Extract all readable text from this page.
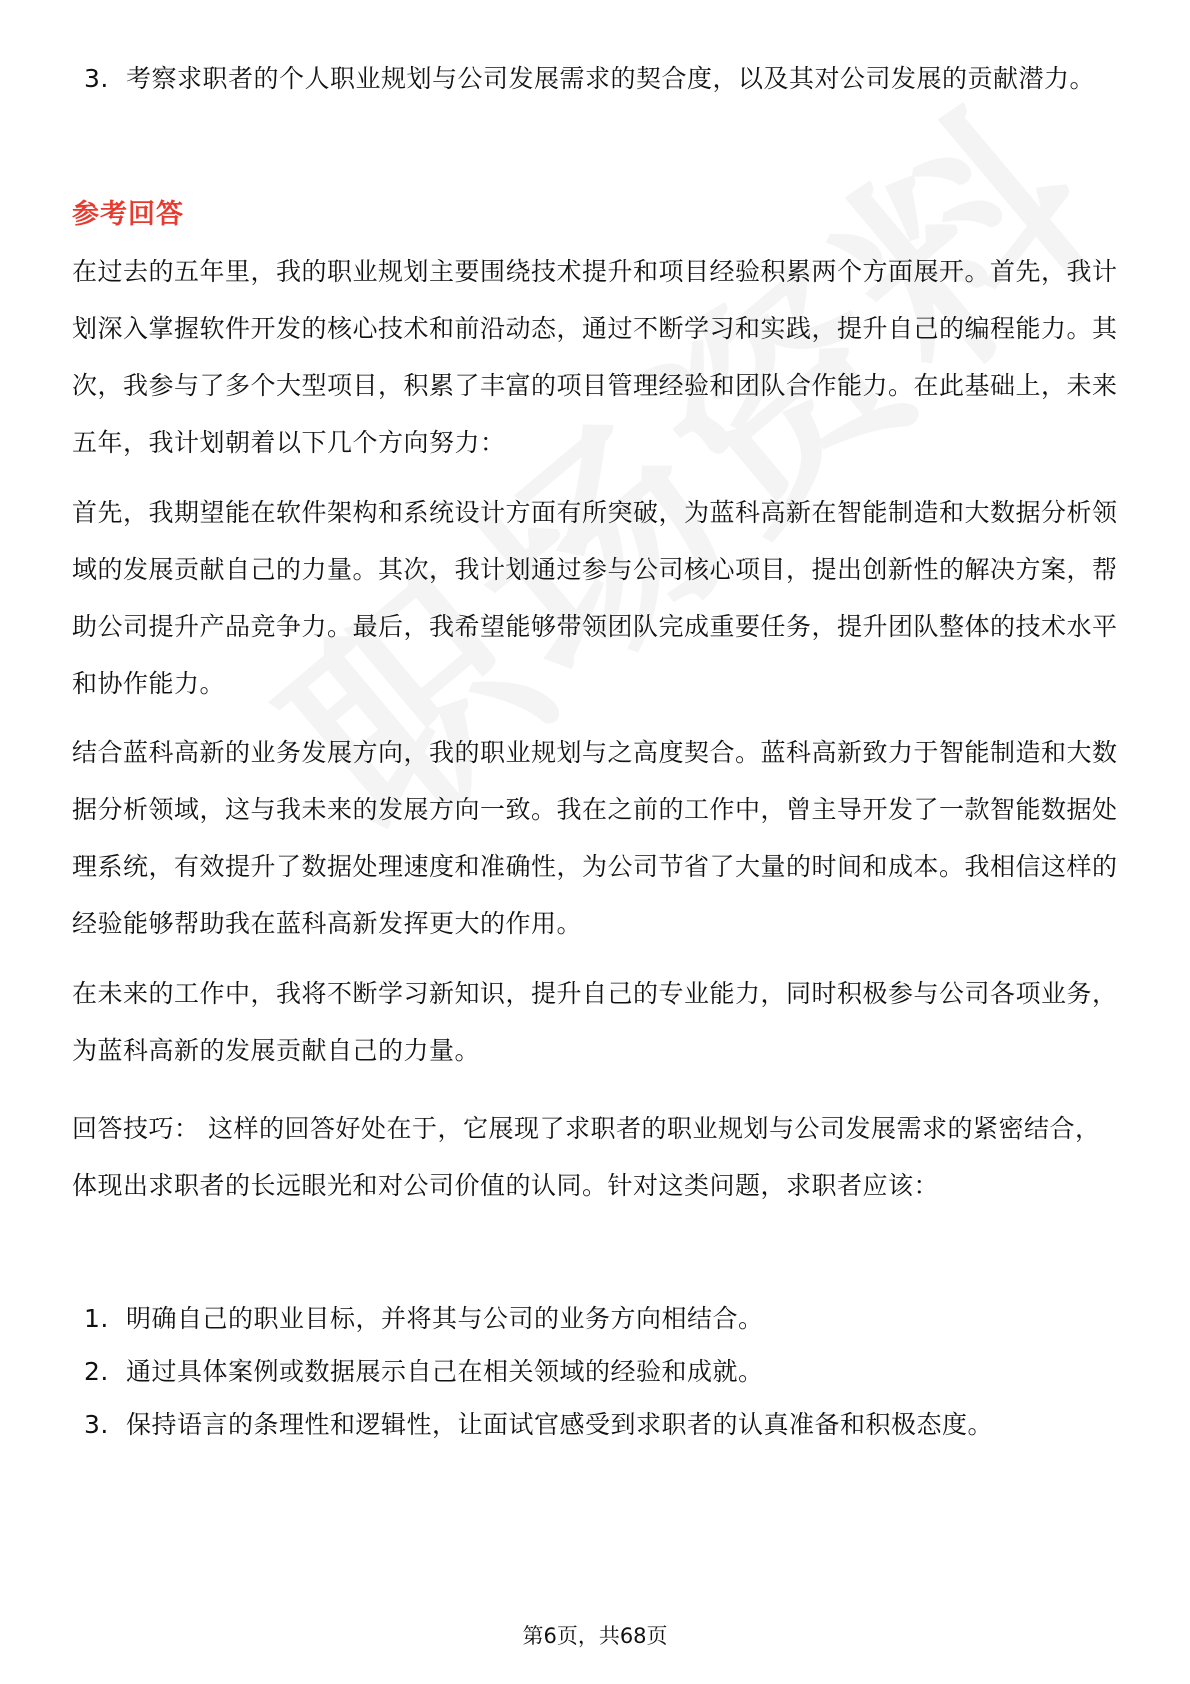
3. 考察求职者的个人职业规划与公司发展需求的契合度，以及其对公司发展的贡献潜力。
参考回答
在过去的五年里，我的职业规划主要围绕技术提升和项目经验积累两个方面展开。首先，我计划深入掌握软件开发的核心技术和前沿动态，通过不断学习和实践，提升自己的编程能力。其次，我参与了多个大型项目，积累了丰富的项目管理经验和团队合作能力。在此基础上，未来五年，我计划朝着以下几个方向努力：
首先，我期望能在软件架构和系统设计方面有所突破，为蓝科高新在智能制造和大数据分析领域的发展贡献自己的力量。其次，我计划通过参与公司核心项目，提出创新性的解决方案，帮助公司提升产品竞争力。最后，我希望能够带领团队完成重要任务，提升团队整体的技术水平和协作能力。
结合蓝科高新的业务发展方向，我的职业规划与之高度契合。蓝科高新致力于智能制造和大数据分析领域，这与我未来的发展方向一致。我在之前的工作中，曾主导开发了一款智能数据处理系统，有效提升了数据处理速度和准确性，为公司节省了大量的时间和成本。我相信这样的经验能够帮助我在蓝科高新发挥更大的作用。
在未来的工作中，我将不断学习新知识，提升自己的专业能力，同时积极参与公司各项业务，为蓝科高新的发展贡献自己的力量。
回答技巧： 这样的回答好处在于，它展现了求职者的职业规划与公司发展需求的紧密结合，体现出求职者的长远眼光和对公司价值的认同。针对这类问题，求职者应该：
1. 明确自己的职业目标，并将其与公司的业务方向相结合。
2. 通过具体案例或数据展示自己在相关领域的经验和成就。
3. 保持语言的条理性和逻辑性，让面试官感受到求职者的认真准备和积极态度。
第6页，共68页
